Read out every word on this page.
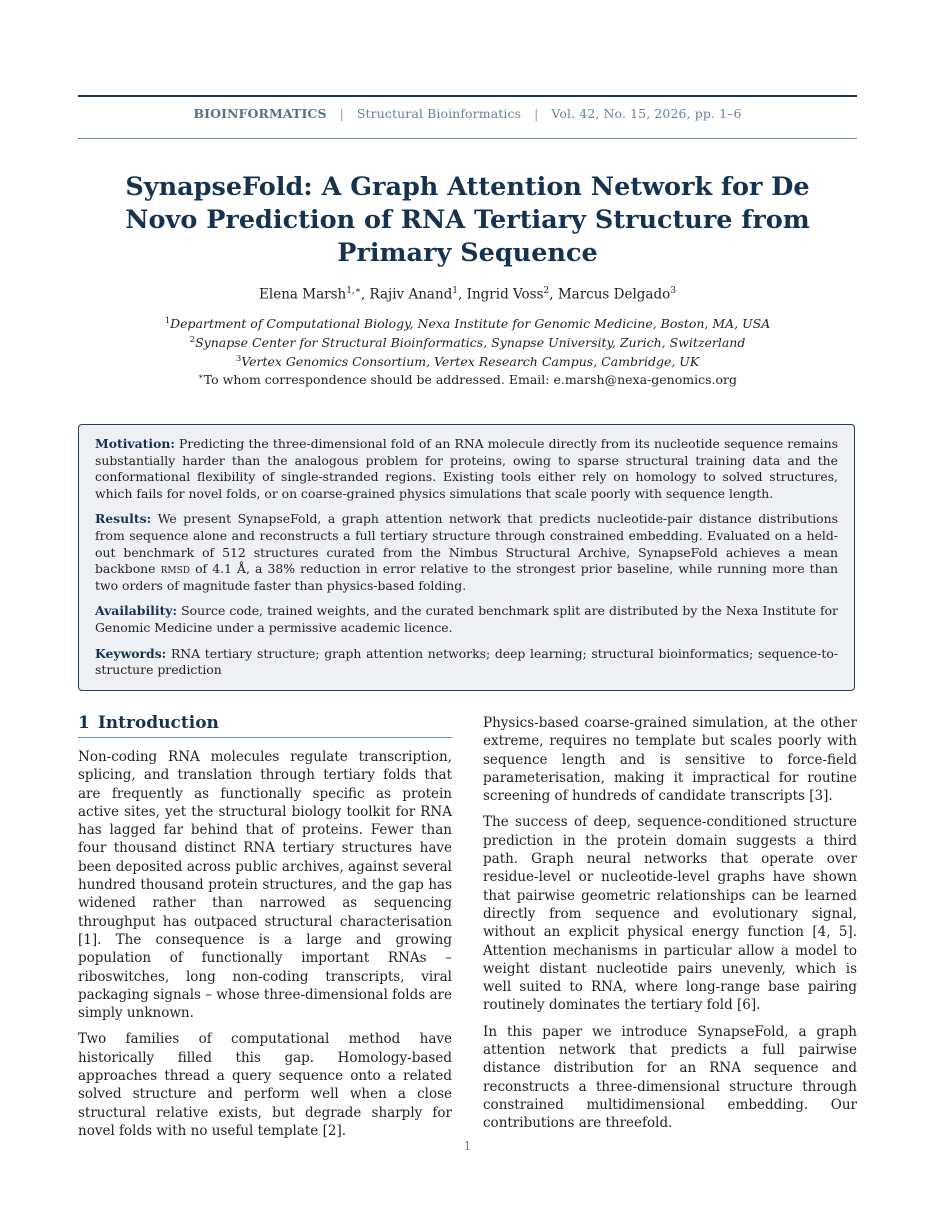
BIOINFORMATICS | Structural Bioinformatics | Vol. 42, No. 15, 2026, pp. 1–6
SynapseFold: A Graph Attention Network for De Novo Prediction of RNA Tertiary Structure from Primary Sequence
Elena Marsh$^{1,∗}$, Rajiv Anand$^1$, Ingrid Voss$^2$, Marcus Delgado$^3$
$^1$Department of Computational Biology, Nexa Institute for Genomic Medicine, Boston, MA, USA
$^2$Synapse Center for Structural Bioinformatics, Synapse University, Zurich, Switzerland
$^3$Vertex Genomics Consortium, Vertex Research Campus, Cambridge, UK
∗To whom correspondence should be addressed. Email: e.marsh@nexa-genomics.org

Motivation: Predicting the three-dimensional fold of an RNA molecule directly from its nucleotide sequence remains substantially harder than the analogous problem for proteins, owing to sparse structural training data and the conformational flexibility of single-stranded regions. Existing tools either rely on homology to solved structures, which fails for novel folds, or on coarse-grained physics simulations that scale poorly with sequence length.

Results: We present SynapseFold, a graph attention network that predicts nucleotide-pair distance distributions from sequence alone and reconstructs a full tertiary structure through constrained embedding. Evaluated on a held-out benchmark of 512 structures curated from the Nimbus Structural Archive, SynapseFold achieves a mean backbone rmsd of 4.1 Å, a 38% reduction in error relative to the strongest prior baseline, while running more than two orders of magnitude faster than physics-based folding.

Availability: Source code, trained weights, and the curated benchmark split are distributed by the Nexa Institute for Genomic Medicine under a permissive academic licence.

Keywords: RNA tertiary structure; graph attention networks; deep learning; structural bioinformatics; sequence-to-structure prediction

1 Introduction

Non-coding RNA molecules regulate transcription, splicing, and translation through tertiary folds that are frequently as functionally specific as protein active sites, yet the structural biology toolkit for RNA has lagged far behind that of proteins. Fewer than four thousand distinct RNA tertiary structures have been deposited across public archives, against several hundred thousand protein structures, and the gap has widened rather than narrowed as sequencing throughput has outpaced structural characterisation [1]. The consequence is a large and growing population of functionally important RNAs – riboswitches, long non-coding transcripts, viral packaging signals – whose three-dimensional folds are simply unknown.

Two families of computational method have historically filled this gap. Homology-based approaches thread a query sequence onto a related solved structure and perform well when a close structural relative exists, but degrade sharply for novel folds with no useful template [2].

Physics-based coarse-grained simulation, at the other extreme, requires no template but scales poorly with sequence length and is sensitive to force-field parameterisation, making it impractical for routine screening of hundreds of candidate transcripts [3].

The success of deep, sequence-conditioned structure prediction in the protein domain suggests a third path. Graph neural networks that operate over residue-level or nucleotide-level graphs have shown that pairwise geometric relationships can be learned directly from sequence and evolutionary signal, without an explicit physical energy function [4, 5]. Attention mechanisms in particular allow a model to weight distant nucleotide pairs unevenly, which is well suited to RNA, where long-range base pairing routinely dominates the tertiary fold [6].

In this paper we introduce SynapseFold, a graph attention network that predicts a full pairwise distance distribution for an RNA sequence and reconstructs a three-dimensional structure through constrained multidimensional embedding. Our contributions are threefold.

1
